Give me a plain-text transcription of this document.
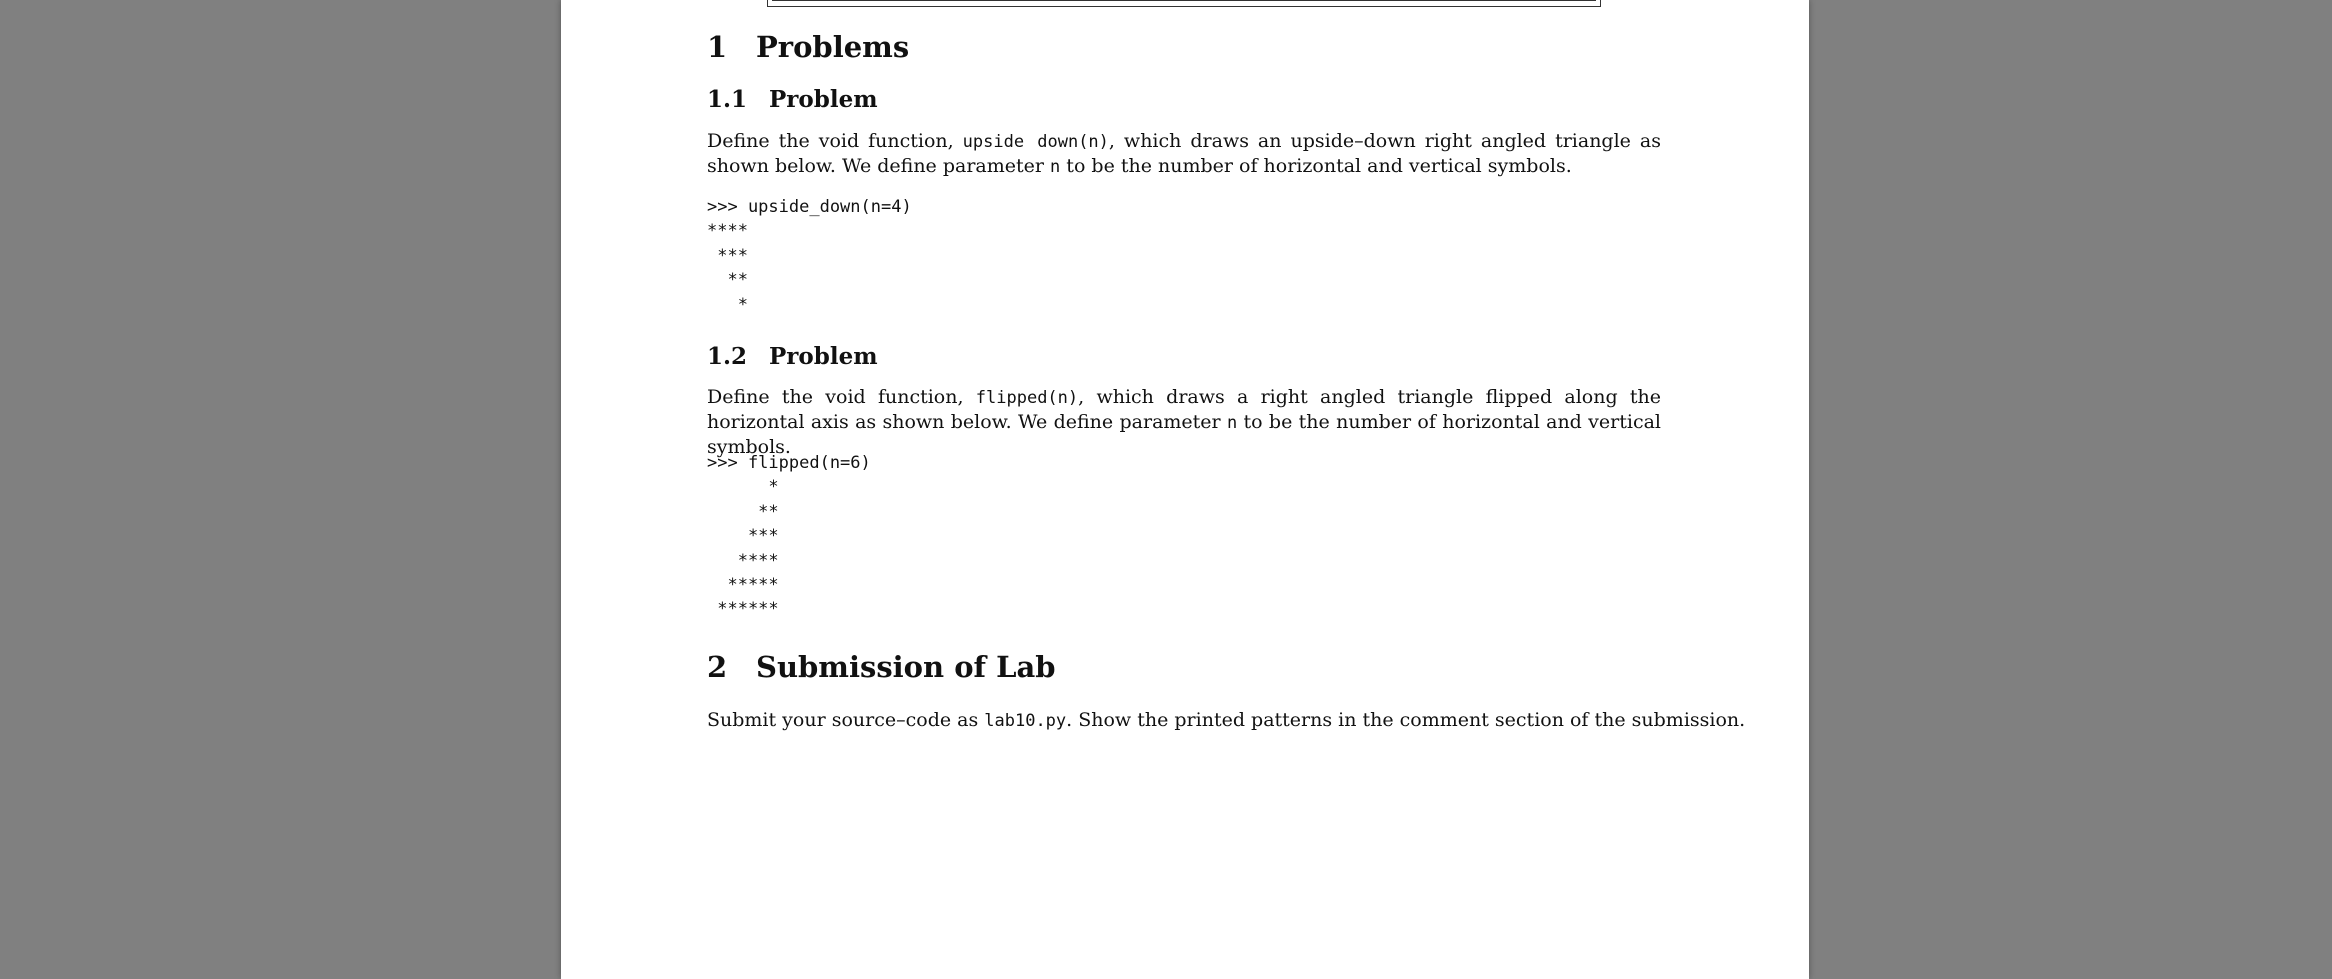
1 Problems
1.1 Problem
Define the void function, upside down(n), which draws an upside–down right angled triangle as shown below. We define parameter n to be the number of horizontal and vertical symbols.
>>> upside_down(n=4)
****
***
**
*
1.2 Problem
Define the void function, flipped(n), which draws a right angled triangle flipped along the horizontal axis as shown below. We define parameter n to be the number of horizontal and vertical symbols.
>>> flipped(n=6)
*
**
***
****
*****
******
2 Submission of Lab
Submit your source–code as lab10.py. Show the printed patterns in the comment section of the submission.
